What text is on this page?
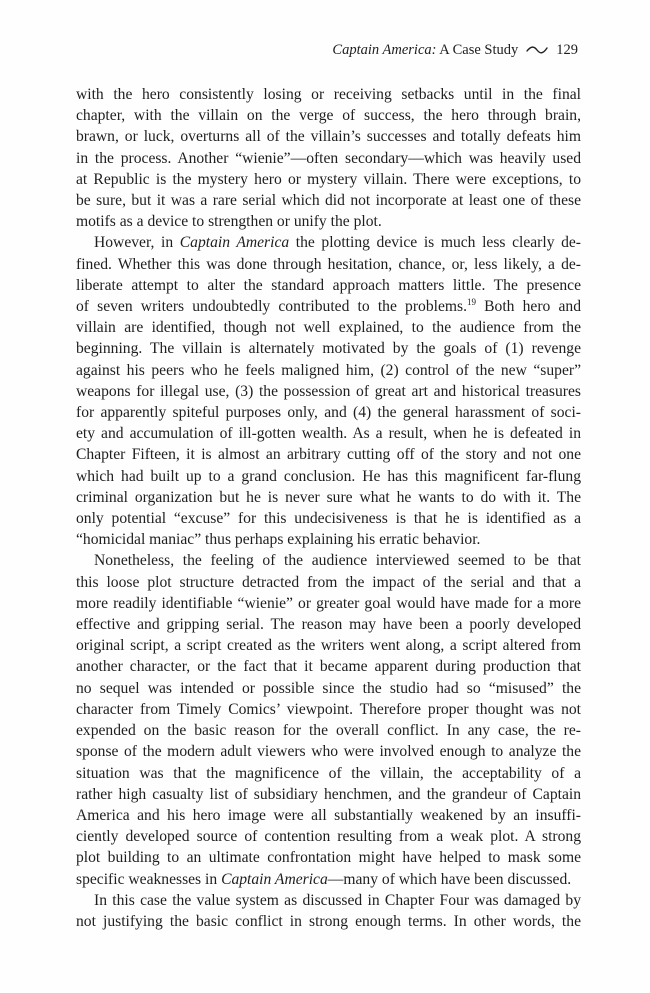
Captain America: A Case Study	129
with the hero consistently losing or receiving setbacks until in the final
chapter, with the villain on the verge of success, the hero through brain,
brawn, or luck, overturns all of the villain’s successes and totally defeats him
in the process. Another “wienie”—often secondary—which was heavily used
at Republic is the mystery hero or mystery villain. There were exceptions, to
be sure, but it was a rare serial which did not incorporate at least one of these
motifs as a device to strengthen or unify the plot.
However, in Captain America the plotting device is much less clearly de-
fined. Whether this was done through hesitation, chance, or, less likely, a de-
liberate attempt to alter the standard approach matters little. The presence
of seven writers undoubtedly contributed to the problems.$^{19}$ Both hero and
villain are identified, though not well explained, to the audience from the
beginning. The villain is alternately motivated by the goals of (1) revenge
against his peers who he feels maligned him, (2) control of the new “super”
weapons for illegal use, (3) the possession of great art and historical treasures
for apparently spiteful purposes only, and (4) the general harassment of soci-
ety and accumulation of ill-gotten wealth. As a result, when he is defeated in
Chapter Fifteen, it is almost an arbitrary cutting off of the story and not one
which had built up to a grand conclusion. He has this magnificent far-flung
criminal organization but he is never sure what he wants to do with it. The
only potential “excuse” for this undecisiveness is that he is identified as a
“homicidal maniac” thus perhaps explaining his erratic behavior.
Nonetheless, the feeling of the audience interviewed seemed to be that
this loose plot structure detracted from the impact of the serial and that a
more readily identifiable “wienie” or greater goal would have made for a more
effective and gripping serial. The reason may have been a poorly developed
original script, a script created as the writers went along, a script altered from
another character, or the fact that it became apparent during production that
no sequel was intended or possible since the studio had so “misused” the
character from Timely Comics’ viewpoint. Therefore proper thought was not
expended on the basic reason for the overall conflict. In any case, the re-
sponse of the modern adult viewers who were involved enough to analyze the
situation was that the magnificence of the villain, the acceptability of a
rather high casualty list of subsidiary henchmen, and the grandeur of Captain
America and his hero image were all substantially weakened by an insuffi-
ciently developed source of contention resulting from a weak plot. A strong
plot building to an ultimate confrontation might have helped to mask some
specific weaknesses in Captain America—many of which have been discussed.
In this case the value system as discussed in Chapter Four was damaged by
not justifying the basic conflict in strong enough terms. In other words, the
